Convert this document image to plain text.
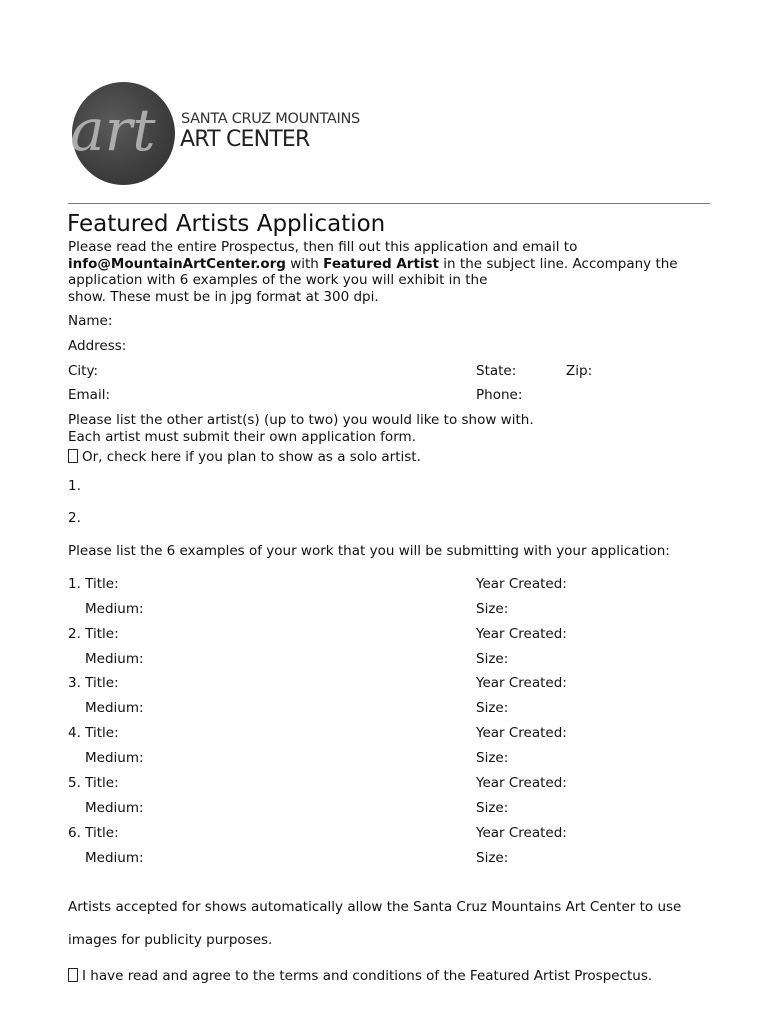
art SANTA CRUZ MOUNTAINS
ART CENTER
Featured Artists Application
Please read the entire Prospectus, then fill out this application and email to
info@MountainArtCenter.org with Featured Artist in the subject line. Accompany the
application with 6 examples of the work you will exhibit in the
show. These must be in jpg format at 300 dpi.
Name:
Address:
City:	State:	Zip:
Email:	Phone:
Please list the other artist(s) (up to two) you would like to show with.
Each artist must submit their own application form.
Or, check here if you plan to show as a solo artist.
1.
2.
Please list the 6 examples of your work that you will be submitting with your application:
1. Title:	Year Created:
Medium:	Size:
2. Title:	Year Created:
Medium:	Size:
3. Title:	Year Created:
Medium:	Size:
4. Title:	Year Created:
Medium:	Size:
5. Title:	Year Created:
Medium:	Size:
6. Title:	Year Created:
Medium:	Size:
Artists accepted for shows automatically allow the Santa Cruz Mountains Art Center to use
images for publicity purposes.
I have read and agree to the terms and conditions of the Featured Artist Prospectus.
